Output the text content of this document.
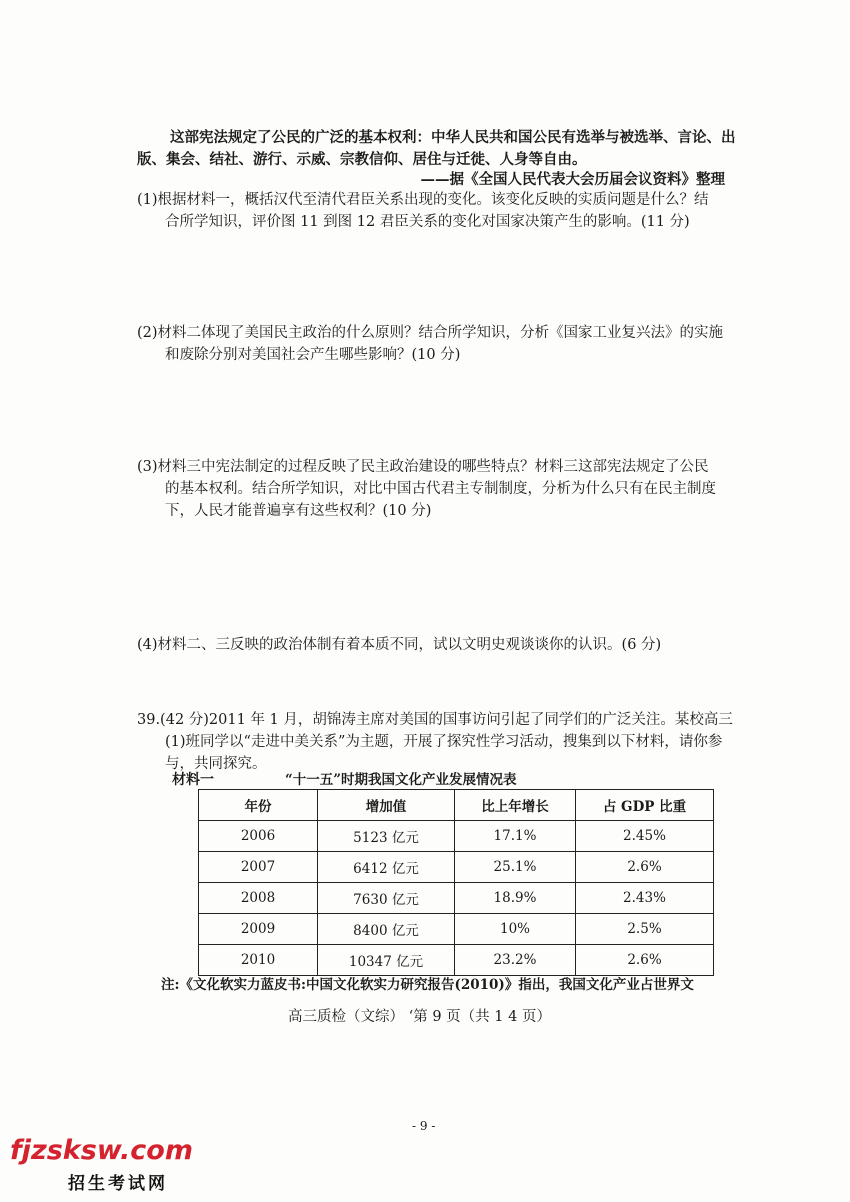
这部宪法规定了公民的广泛的基本权利：中华人民共和国公民有选举与被选举、言论、出
版、集会、结社、游行、示威、宗教信仰、居住与迁徙、人身等自由。
——据《全国人民代表大会历届会议资料》整理
(1)根据材料一，概括汉代至清代君臣关系出现的变化。该变化反映的实质问题是什么？结
合所学知识，评价图 11 到图 12 君臣关系的变化对国家决策产生的影响。(11 分)
(2)材料二体现了美国民主政治的什么原则？结合所学知识，分析《国家工业复兴法》的实施
和废除分别对美国社会产生哪些影响？(10 分)
(3)材料三中宪法制定的过程反映了民主政治建设的哪些特点？材料三这部宪法规定了公民
的基本权利。结合所学知识，对比中国古代君主专制制度，分析为什么只有在民主制度
下，人民才能普遍享有这些权利？(10 分)
(4)材料二、三反映的政治体制有着本质不同，试以文明史观谈谈你的认识。(6 分)
39.(42 分)2011 年 1 月，胡锦涛主席对美国的国事访问引起了同学们的广泛关注。某校高三
(1)班同学以“走进中美关系”为主题，开展了探究性学习活动，搜集到以下材料，请你参
与，共同探究。
材料一	“十一五”时期我国文化产业发展情况表
年份	增加值	比上年增长	占 GDP 比重
2006	5123 亿元	17.1%	2.45%
2007	6412 亿元	25.1%	2.6%
2008	7630 亿元	18.9%	2.43%
2009	8400 亿元	10%	2.5%
2010	10347 亿元	23.2%	2.6%
注:《文化软实力蓝皮书:中国文化软实力研究报告(2010)》指出，我国文化产业占世界文
高三质检（文综） ‘第 9 页（共 1 4 页）
- 9 -
fjzsksw.com
招生考试网
